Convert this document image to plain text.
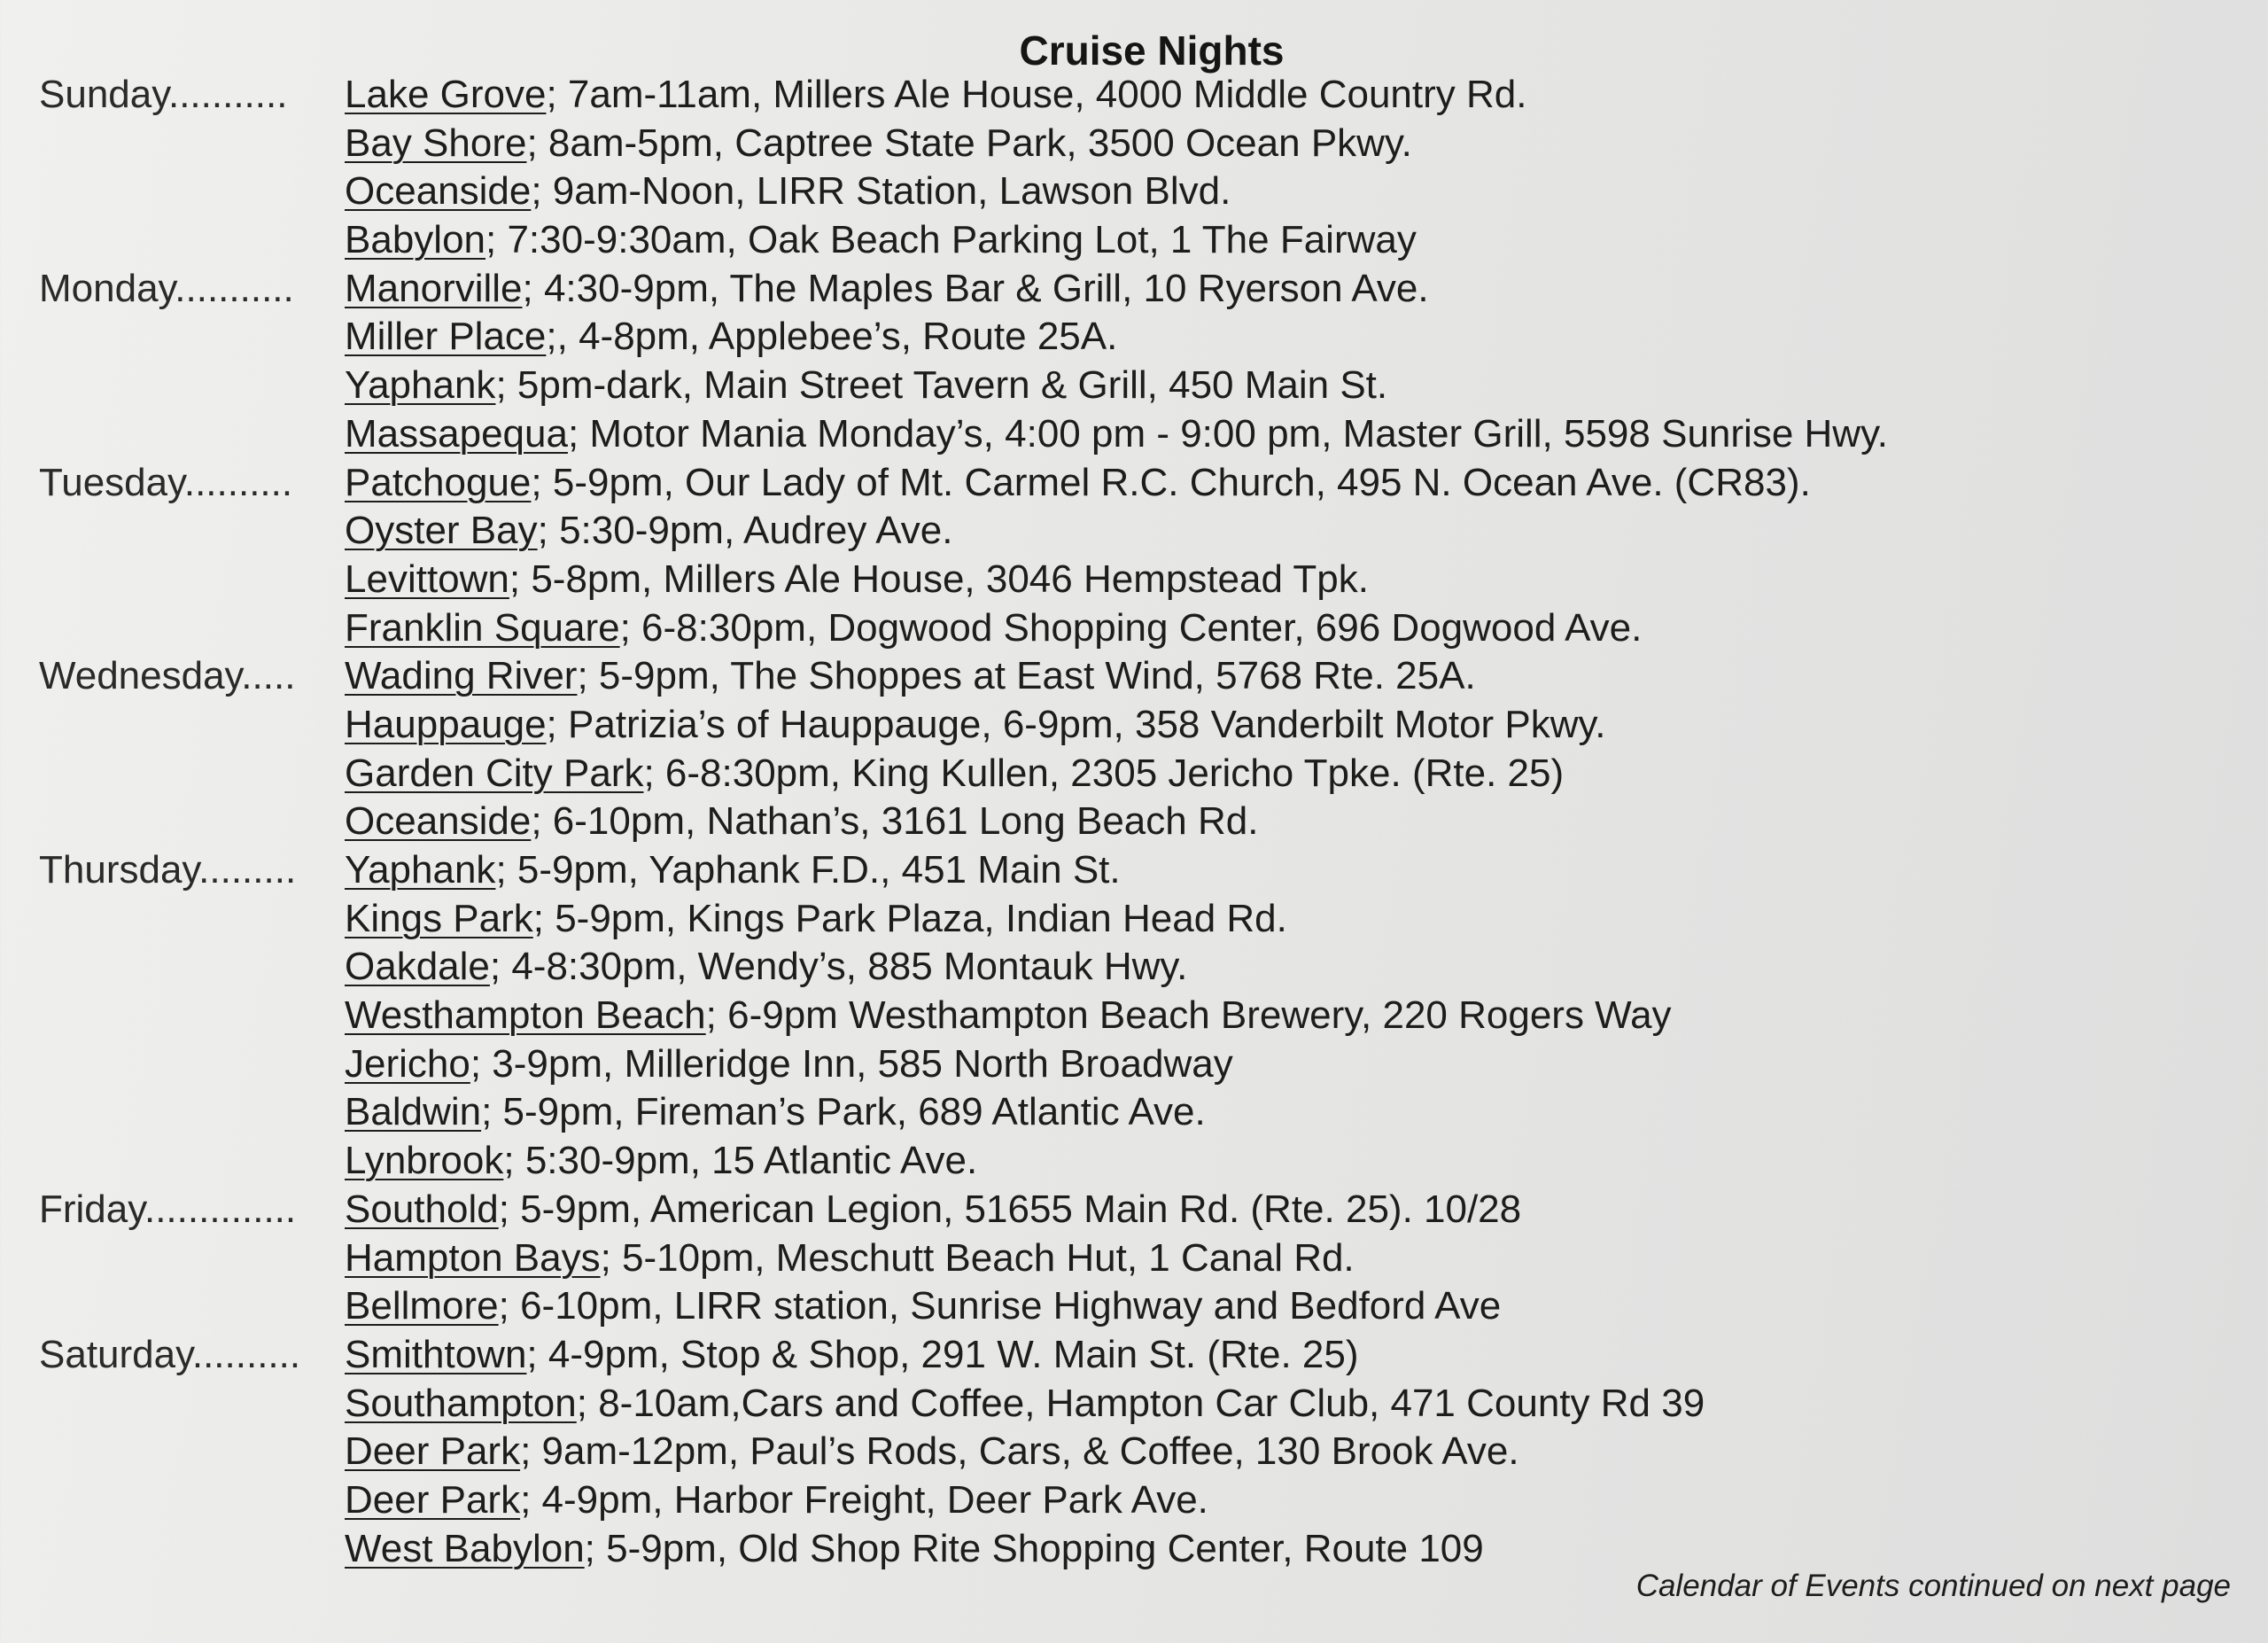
Cruise Nights
Sunday...........	Lake Grove; 7am-11am, Millers Ale House, 4000 Middle Country Rd.
Bay Shore; 8am-5pm, Captree State Park, 3500 Ocean Pkwy.
Oceanside; 9am-Noon, LIRR Station, Lawson Blvd.
Babylon; 7:30-9:30am, Oak Beach Parking Lot, 1 The Fairway
Monday...........	Manorville; 4:30-9pm, The Maples Bar & Grill, 10 Ryerson Ave.
Miller Place;, 4-8pm, Applebee’s, Route 25A.
Yaphank; 5pm-dark, Main Street Tavern & Grill, 450 Main St.
Massapequa; Motor Mania Monday’s, 4:00 pm - 9:00 pm, Master Grill, 5598 Sunrise Hwy.
Tuesday..........	Patchogue; 5-9pm, Our Lady of Mt. Carmel R.C. Church, 495 N. Ocean Ave. (CR83).
Oyster Bay; 5:30-9pm, Audrey Ave.
Levittown; 5-8pm, Millers Ale House, 3046 Hempstead Tpk.
Franklin Square; 6-8:30pm, Dogwood Shopping Center, 696 Dogwood Ave.
Wednesday.....	Wading River; 5-9pm, The Shoppes at East Wind, 5768 Rte. 25A.
Hauppauge; Patrizia’s of Hauppauge, 6-9pm, 358 Vanderbilt Motor Pkwy.
Garden City Park; 6-8:30pm, King Kullen, 2305 Jericho Tpke. (Rte. 25)
Oceanside; 6-10pm, Nathan’s, 3161 Long Beach Rd.
Thursday.........	Yaphank; 5-9pm, Yaphank F.D., 451 Main St.
Kings Park; 5-9pm, Kings Park Plaza, Indian Head Rd.
Oakdale; 4-8:30pm, Wendy’s, 885 Montauk Hwy.
Westhampton Beach; 6-9pm Westhampton Beach Brewery, 220 Rogers Way
Jericho; 3-9pm, Milleridge Inn, 585 North Broadway
Baldwin; 5-9pm, Fireman’s Park, 689 Atlantic Ave.
Lynbrook; 5:30-9pm, 15 Atlantic Ave.
Friday..............	Southold; 5-9pm, American Legion, 51655 Main Rd. (Rte. 25). 10/28
Hampton Bays; 5-10pm, Meschutt Beach Hut, 1 Canal Rd.
Bellmore; 6-10pm, LIRR station, Sunrise Highway and Bedford Ave
Saturday..........	Smithtown; 4-9pm, Stop & Shop, 291 W. Main St. (Rte. 25)
Southampton; 8-10am,Cars and Coffee, Hampton Car Club, 471 County Rd 39
Deer Park; 9am-12pm, Paul’s Rods, Cars, & Coffee, 130 Brook Ave.
Deer Park; 4-9pm, Harbor Freight, Deer Park Ave.
West Babylon; 5-9pm, Old Shop Rite Shopping Center, Route 109
Calendar of Events continued on next page
